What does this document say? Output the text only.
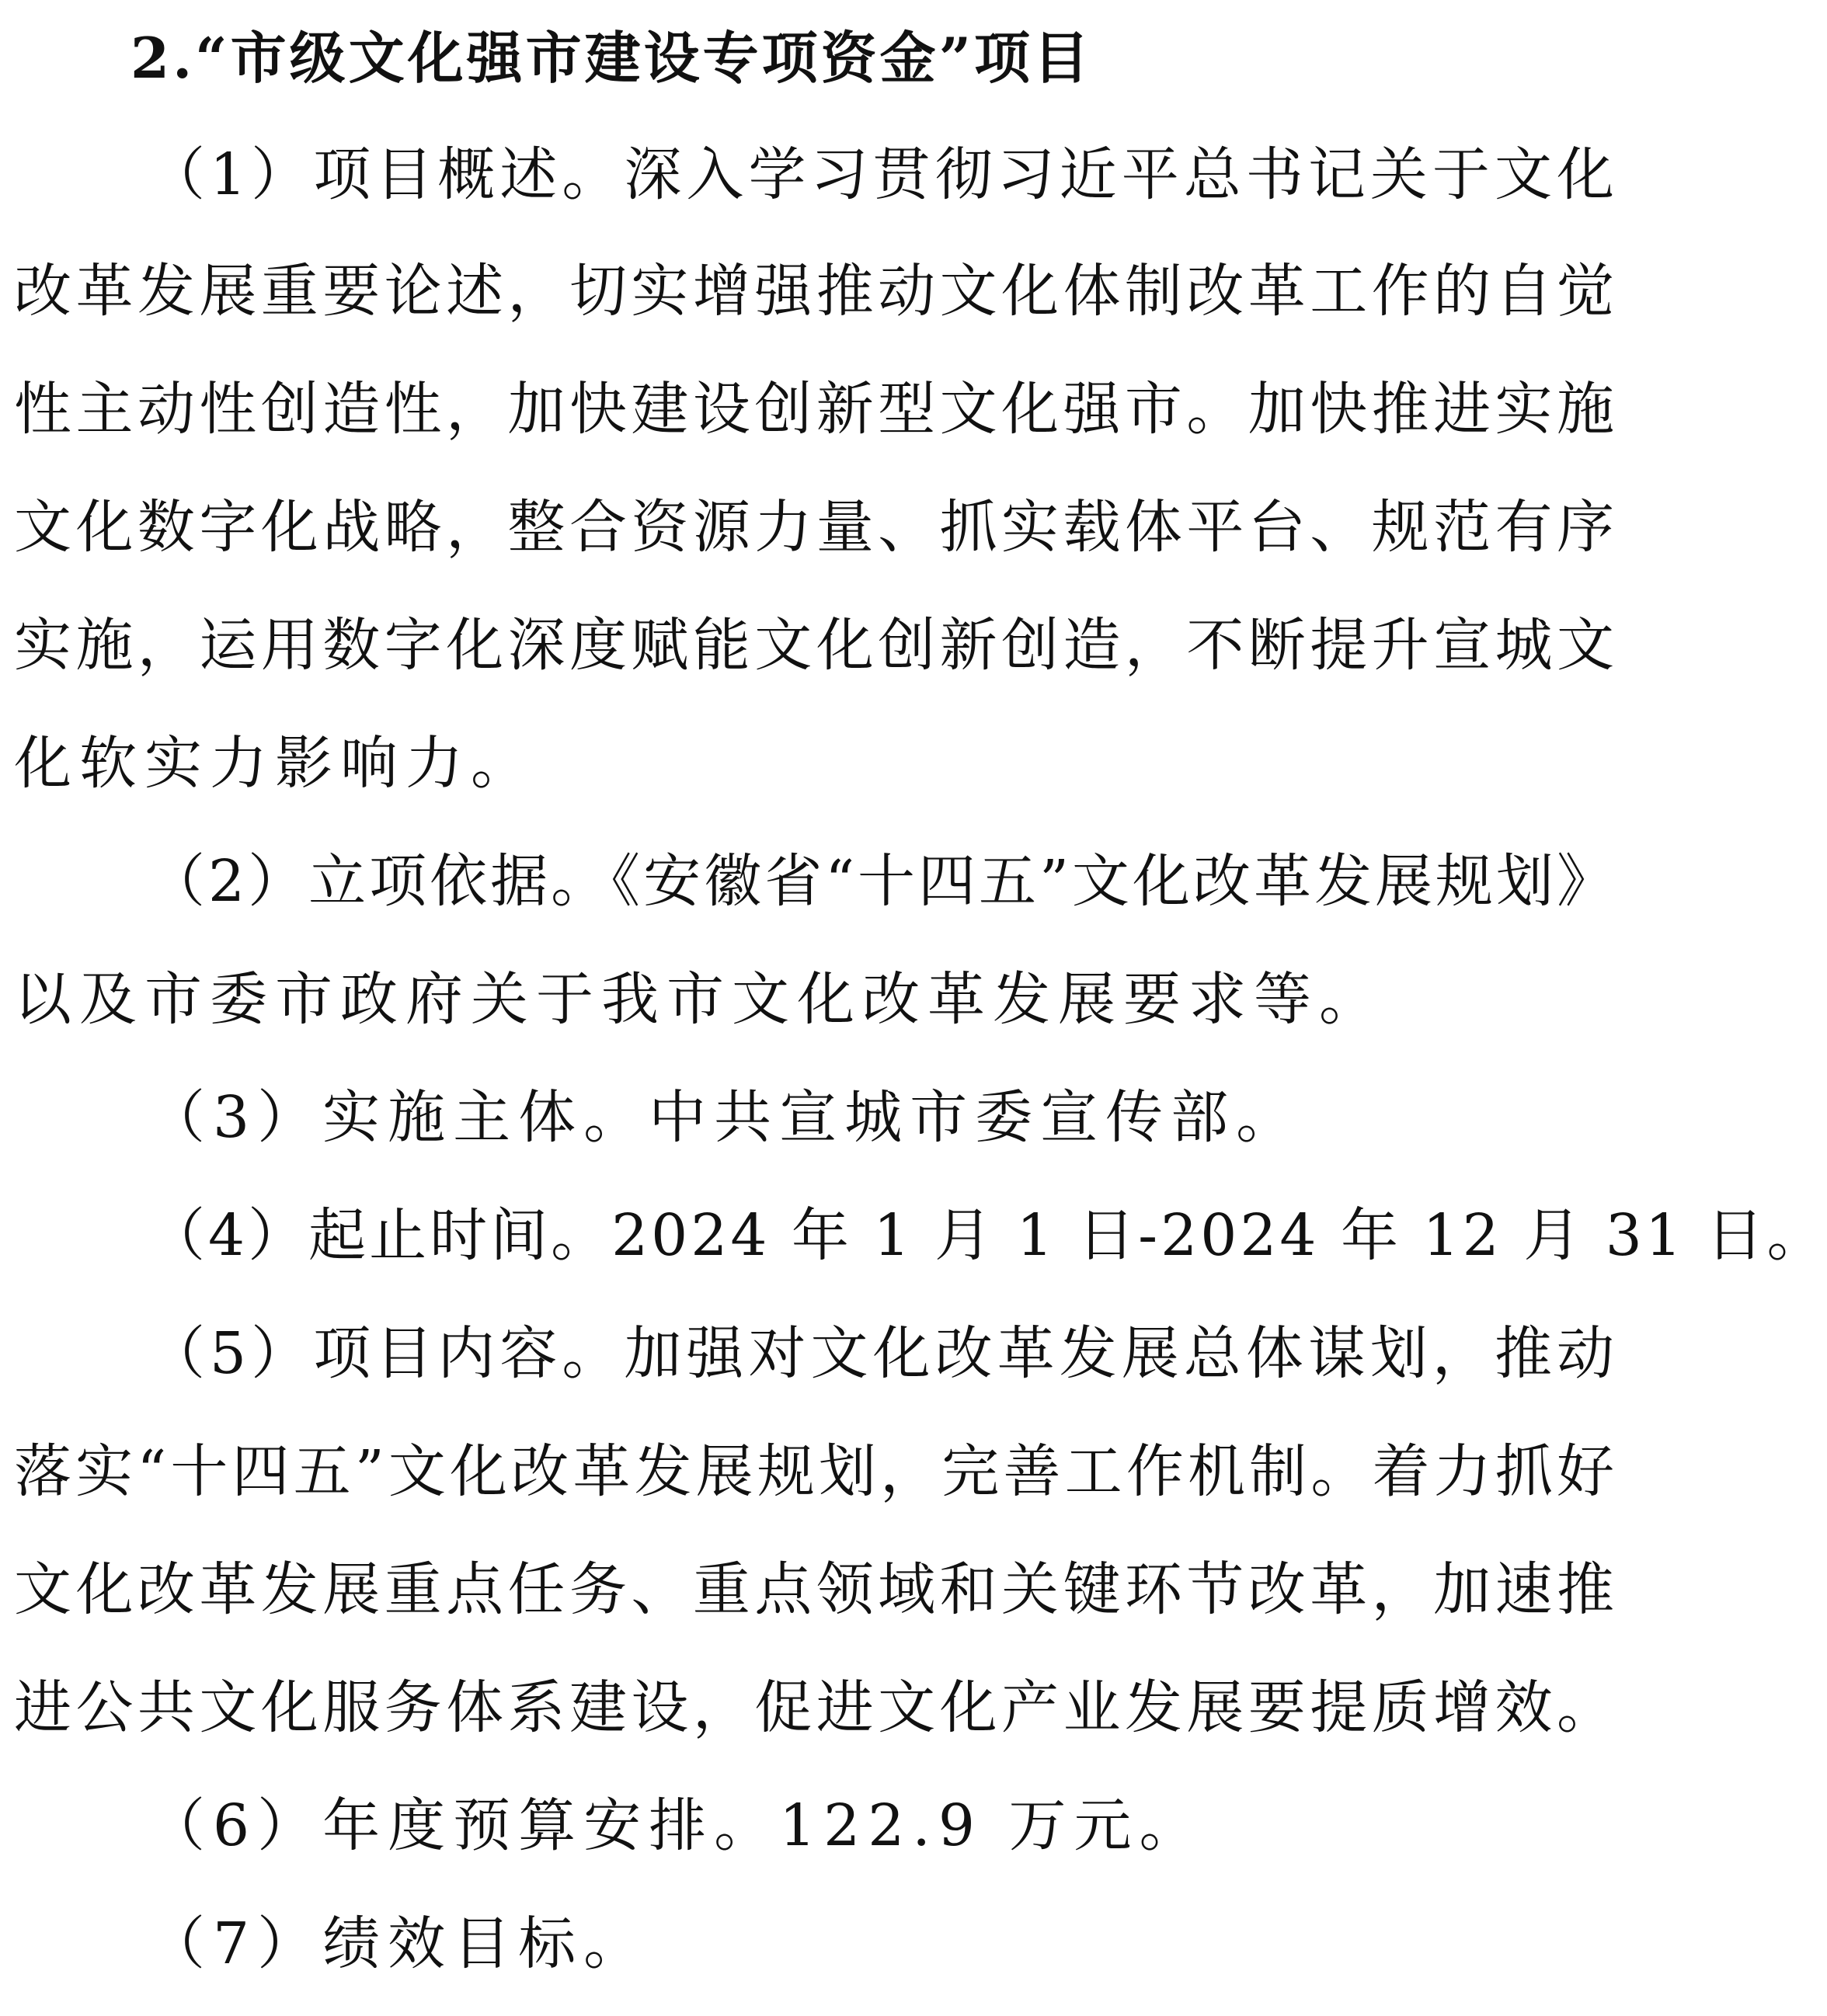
2.“市级文化强市建设专项资金”项目
（1）项目概述。深入学习贯彻习近平总书记关于文化
改革发展重要论述，切实增强推动文化体制改革工作的自觉
性主动性创造性，加快建设创新型文化强市。加快推进实施
文化数字化战略，整合资源力量、抓实载体平台、规范有序
实施，运用数字化深度赋能文化创新创造，不断提升宣城文
化软实力影响力。
（2）立项依据。《安徽省“十四五”文化改革发展规划》
以及市委市政府关于我市文化改革发展要求等。
（3）实施主体。中共宣城市委宣传部。
（4）起止时间。2024 年 1 月 1 日-2024 年 12 月 31 日。
（5）项目内容。加强对文化改革发展总体谋划，推动
落实“十四五”文化改革发展规划，完善工作机制。着力抓好
文化改革发展重点任务、重点领域和关键环节改革，加速推
进公共文化服务体系建设，促进文化产业发展要提质增效。
（6）年度预算安排。122.9 万元。
（7）绩效目标。
